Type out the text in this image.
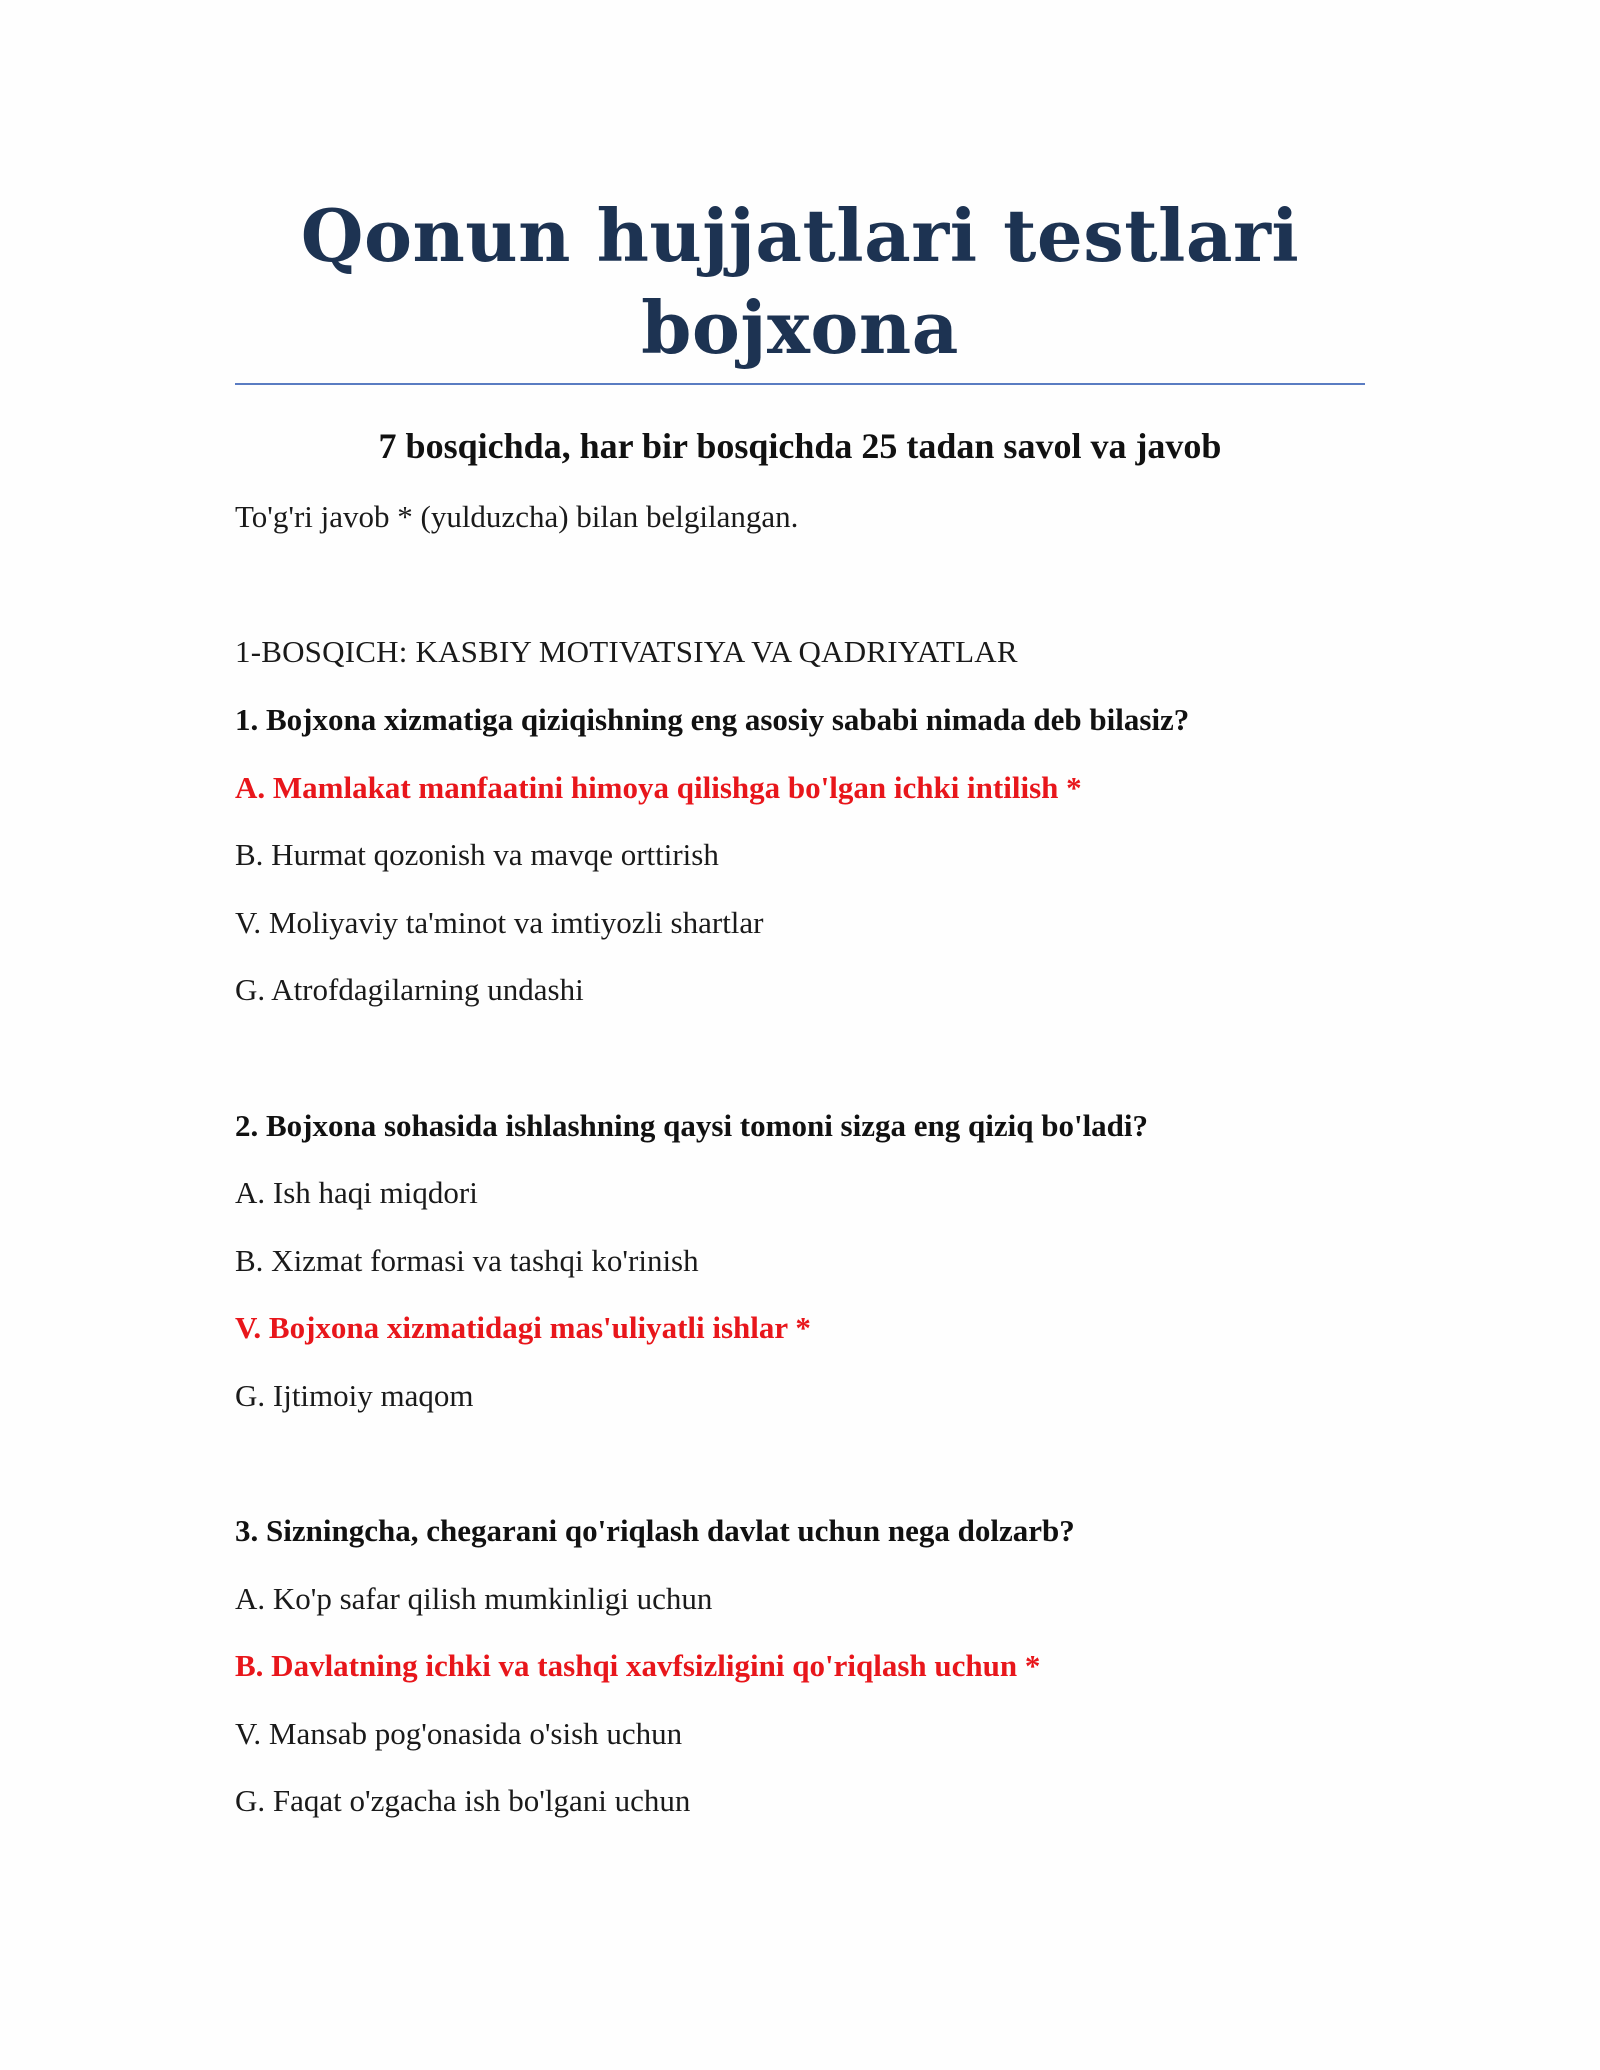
Qonun hujjatlari testlari
bojxona
7 bosqichda, har bir bosqichda 25 tadan savol va javob
To'g'ri javob * (yulduzcha) bilan belgilangan.
1-BOSQICH: KASBIY MOTIVATSIYA VA QADRIYATLAR
1. Bojxona xizmatiga qiziqishning eng asosiy sababi nimada deb bilasiz?
A. Mamlakat manfaatini himoya qilishga bo'lgan ichki intilish *
B. Hurmat qozonish va mavqe orttirish
V. Moliyaviy ta'minot va imtiyozli shartlar
G. Atrofdagilarning undashi
2. Bojxona sohasida ishlashning qaysi tomoni sizga eng qiziq bo'ladi?
A. Ish haqi miqdori
B. Xizmat formasi va tashqi ko'rinish
V. Bojxona xizmatidagi mas'uliyatli ishlar *
G. Ijtimoiy maqom
3. Sizningcha, chegarani qo'riqlash davlat uchun nega dolzarb?
A. Ko'p safar qilish mumkinligi uchun
B. Davlatning ichki va tashqi xavfsizligini qo'riqlash uchun *
V. Mansab pog'onasida o'sish uchun
G. Faqat o'zgacha ish bo'lgani uchun
